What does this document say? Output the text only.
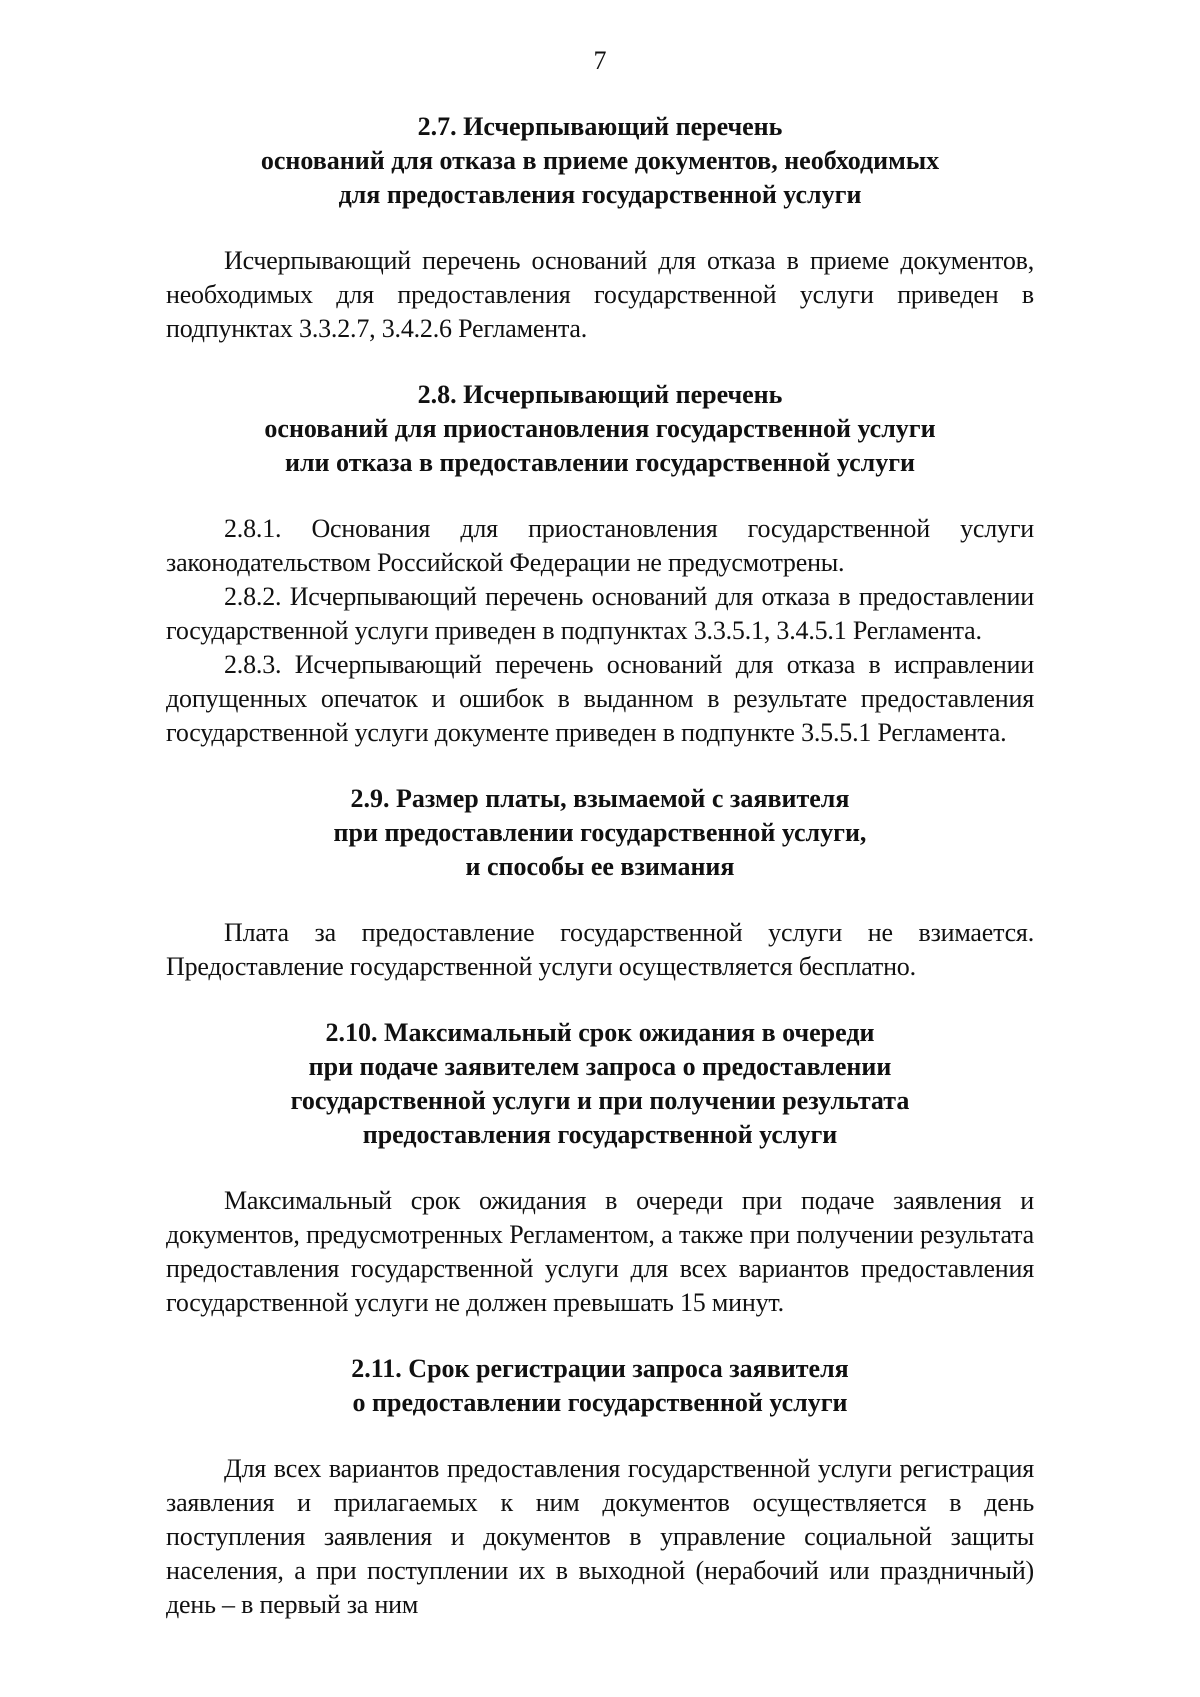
7

2.7. Исчерпывающий перечень
оснований для отказа в приеме документов, необходимых
для предоставления государственной услуги

Исчерпывающий перечень оснований для отказа в приеме документов, необходимых для предоставления государственной услуги приведен в подпунктах 3.3.2.7, 3.4.2.6 Регламента.

2.8. Исчерпывающий перечень
оснований для приостановления государственной услуги
или отказа в предоставлении государственной услуги

2.8.1. Основания для приостановления государственной услуги законодательством Российской Федерации не предусмотрены.

2.8.2. Исчерпывающий перечень оснований для отказа в предоставлении государственной услуги приведен в подпунктах 3.3.5.1, 3.4.5.1 Регламента.

2.8.3. Исчерпывающий перечень оснований для отказа в исправлении допущенных опечаток и ошибок в выданном в результате предоставления государственной услуги документе приведен в подпункте 3.5.5.1 Регламента.

2.9. Размер платы, взымаемой с заявителя
при предоставлении государственной услуги,
и способы ее взимания

Плата за предоставление государственной услуги не взимается. Предоставление государственной услуги осуществляется бесплатно.

2.10. Максимальный срок ожидания в очереди
при подаче заявителем запроса о предоставлении
государственной услуги и при получении результата
предоставления государственной услуги

Максимальный срок ожидания в очереди при подаче заявления и документов, предусмотренных Регламентом, а также при получении результата предоставления государственной услуги для всех вариантов предоставления государственной услуги не должен превышать 15 минут.

2.11. Срок регистрации запроса заявителя
о предоставлении государственной услуги

Для всех вариантов предоставления государственной услуги регистрация заявления и прилагаемых к ним документов осуществляется в день поступления заявления и документов в управление социальной защиты населения, а при поступлении их в выходной (нерабочий или праздничный) день – в первый за ним
